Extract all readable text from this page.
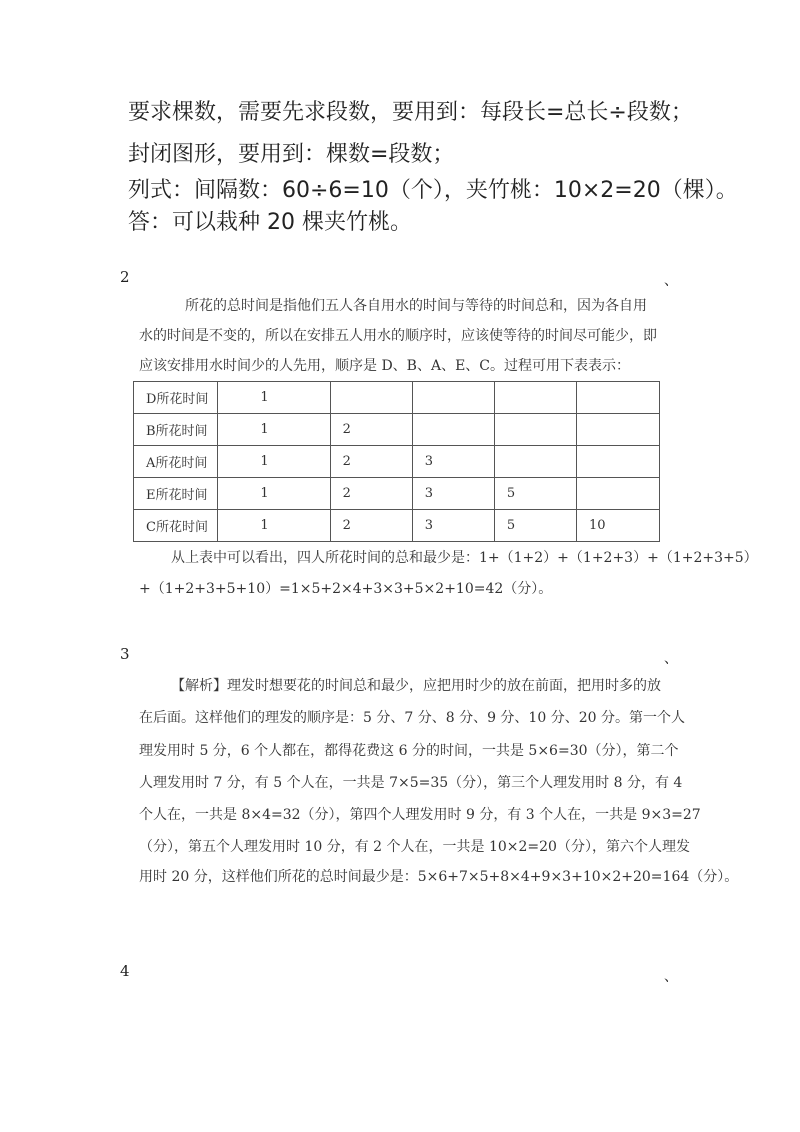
要求棵数，需要先求段数，要用到：每段长=总长÷段数；
封闭图形，要用到：棵数=段数；
列式：间隔数：60÷6=10（个），夹竹桃：10×2=20（棵）。
答：可以栽种 20 棵夹竹桃。
2	、
所花的总时间是指他们五人各自用水的时间与等待的时间总和，因为各自用
水的时间是不变的，所以在安排五人用水的顺序时，应该使等待的时间尽可能少，即
应该安排用水时间少的人先用，顺序是 D、B、A、E、C。过程可用下表表示：
D所花时间	1				
B所花时间	1	2			
A所花时间	1	2	3		
E所花时间	1	2	3	5	
C所花时间	1	2	3	5	10
从上表中可以看出，四人所花时间的总和最少是：1+（1+2）+（1+2+3）+（1+2+3+5）
+（1+2+3+5+10）=1×5+2×4+3×3+5×2+10=42（分）。
3	、
【解析】理发时想要花的时间总和最少，应把用时少的放在前面，把用时多的放
在后面。这样他们的理发的顺序是：5 分、7 分、8 分、9 分、10 分、20 分。第一个人
理发用时 5 分，6 个人都在，都得花费这 6 分的时间，一共是 5×6=30（分），第二个
人理发用时 7 分，有 5 个人在，一共是 7×5=35（分），第三个人理发用时 8 分，有 4
个人在，一共是 8×4=32（分），第四个人理发用时 9 分，有 3 个人在，一共是 9×3=27
（分），第五个人理发用时 10 分，有 2 个人在，一共是 10×2=20（分），第六个人理发
用时 20 分，这样他们所花的总时间最少是：5×6+7×5+8×4+9×3+10×2+20=164（分）。
4	、
